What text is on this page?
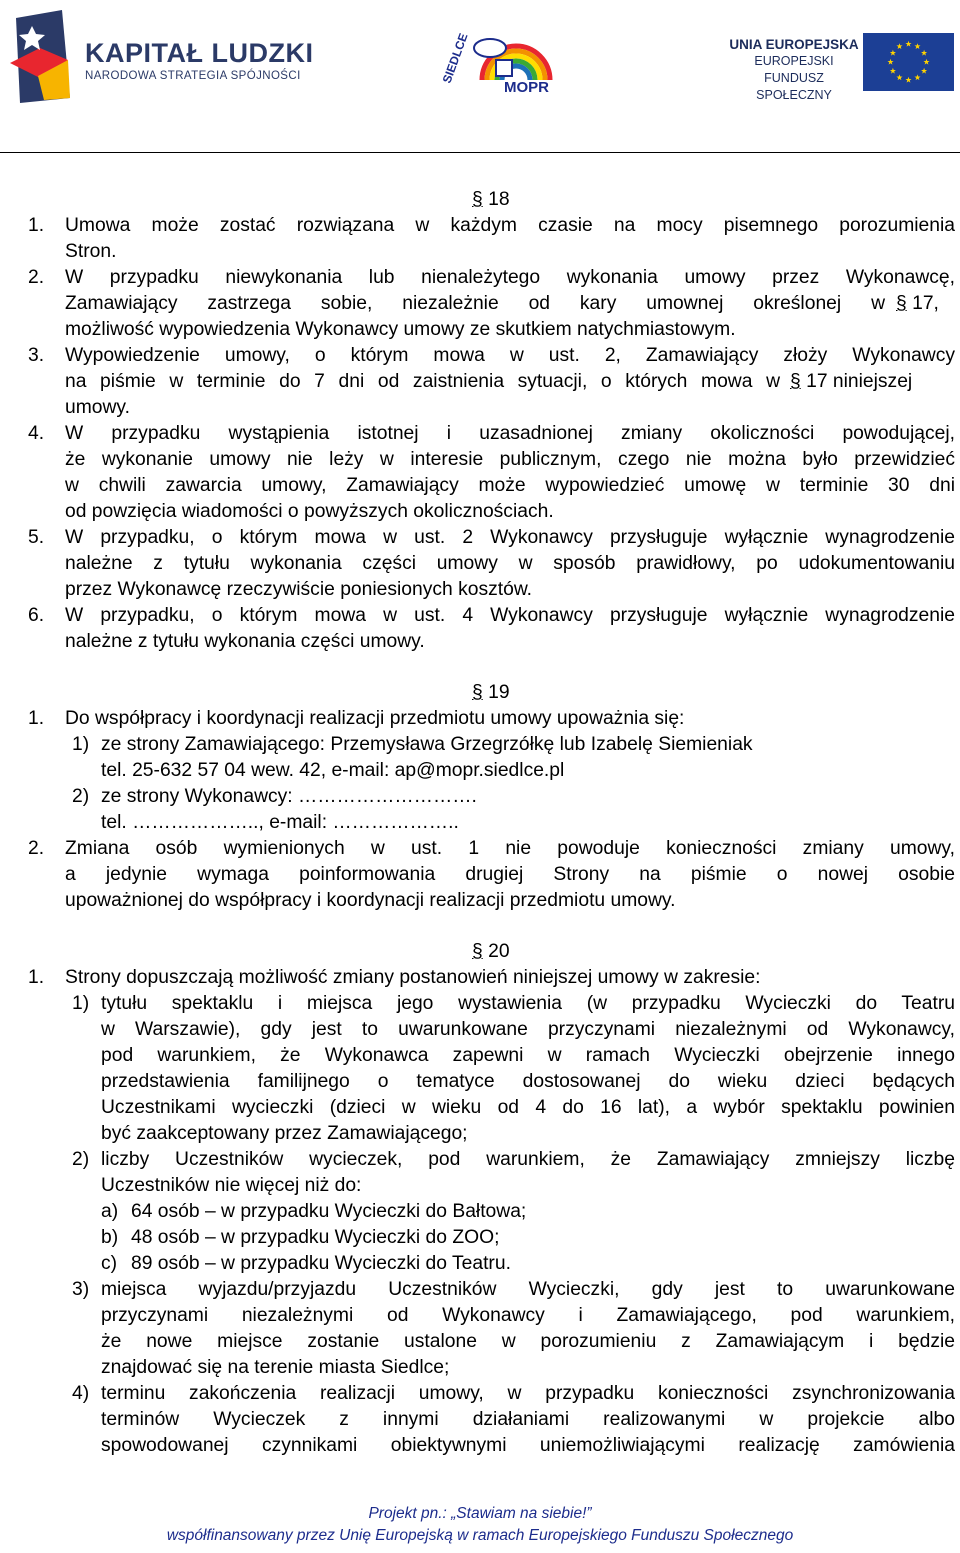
KAPITAŁ LUDZKI
NARODOWA STRATEGIA SPÓJNOŚCI	SIEDLCE
MOPR
UNIA EUROPEJSKA
EUROPEJSKI
FUNDUSZ SPOŁECZNY
§ 18
1. Umowa może zostać rozwiązana w każdym czasie na mocy pisemnego porozumienia
Stron.
2. W przypadku niewykonania lub nienależytego wykonania umowy przez Wykonawcę,
Zamawiający zastrzega sobie, niezależnie od kary umownej określonej w § 17,
możliwość wypowiedzenia Wykonawcy umowy ze skutkiem natychmiastowym.
3. Wypowiedzenie umowy, o którym mowa w ust. 2, Zamawiający złoży Wykonawcy
na piśmie w terminie do 7 dni od zaistnienia sytuacji, o których mowa w § 17 niniejszej
umowy.
4. W przypadku wystąpienia istotnej i uzasadnionej zmiany okoliczności powodującej,
że wykonanie umowy nie leży w interesie publicznym, czego nie można było przewidzieć
w chwili zawarcia umowy, Zamawiający może wypowiedzieć umowę w terminie 30 dni
od powzięcia wiadomości o powyższych okolicznościach.
5. W przypadku, o którym mowa w ust. 2 Wykonawcy przysługuje wyłącznie wynagrodzenie
należne z tytułu wykonania części umowy w sposób prawidłowy, po udokumentowaniu
przez Wykonawcę rzeczywiście poniesionych kosztów.
6. W przypadku, o którym mowa w ust. 4 Wykonawcy przysługuje wyłącznie wynagrodzenie
należne z tytułu wykonania części umowy.
§ 19
1. Do współpracy i koordynacji realizacji przedmiotu umowy upoważnia się:
1) ze strony Zamawiającego: Przemysława Grzegrzółkę lub Izabelę Siemieniak
tel. 25-632 57 04 wew. 42, e-mail: ap@mopr.siedlce.pl
2) ze strony Wykonawcy: ……………………….
tel. ……………….., e-mail: ………………..
2. Zmiana osób wymienionych w ust. 1 nie powoduje konieczności zmiany umowy,
a jedynie wymaga poinformowania drugiej Strony na piśmie o nowej osobie
upoważnionej do współpracy i koordynacji realizacji przedmiotu umowy.
§ 20
1. Strony dopuszczają możliwość zmiany postanowień niniejszej umowy w zakresie:
1) tytułu spektaklu i miejsca jego wystawienia (w przypadku Wycieczki do Teatru
w Warszawie), gdy jest to uwarunkowane przyczynami niezależnymi od Wykonawcy,
pod warunkiem, że Wykonawca zapewni w ramach Wycieczki obejrzenie innego
przedstawienia familijnego o tematyce dostosowanej do wieku dzieci będących
Uczestnikami wycieczki (dzieci w wieku od 4 do 16 lat), a wybór spektaklu powinien
być zaakceptowany przez Zamawiającego;
2) liczby Uczestników wycieczek, pod warunkiem, że Zamawiający zmniejszy liczbę
Uczestników nie więcej niż do:
a) 64 osób – w przypadku Wycieczki do Bałtowa;
b) 48 osób – w przypadku Wycieczki do ZOO;
c) 89 osób – w przypadku Wycieczki do Teatru.
3) miejsca wyjazdu/przyjazdu Uczestników Wycieczki, gdy jest to uwarunkowane
przyczynami niezależnymi od Wykonawcy i Zamawiającego, pod warunkiem,
że nowe miejsce zostanie ustalone w porozumieniu z Zamawiającym i będzie
znajdować się na terenie miasta Siedlce;
4) terminu zakończenia realizacji umowy, w przypadku konieczności zsynchronizowania
terminów Wycieczek z innymi działaniami realizowanymi w projekcie albo
spowodowanej czynnikami obiektywnymi uniemożliwiającymi realizację zamówienia
Projekt pn.: „Stawiam na siebie!”
współfinansowany przez Unię Europejską w ramach Europejskiego Funduszu Społecznego
